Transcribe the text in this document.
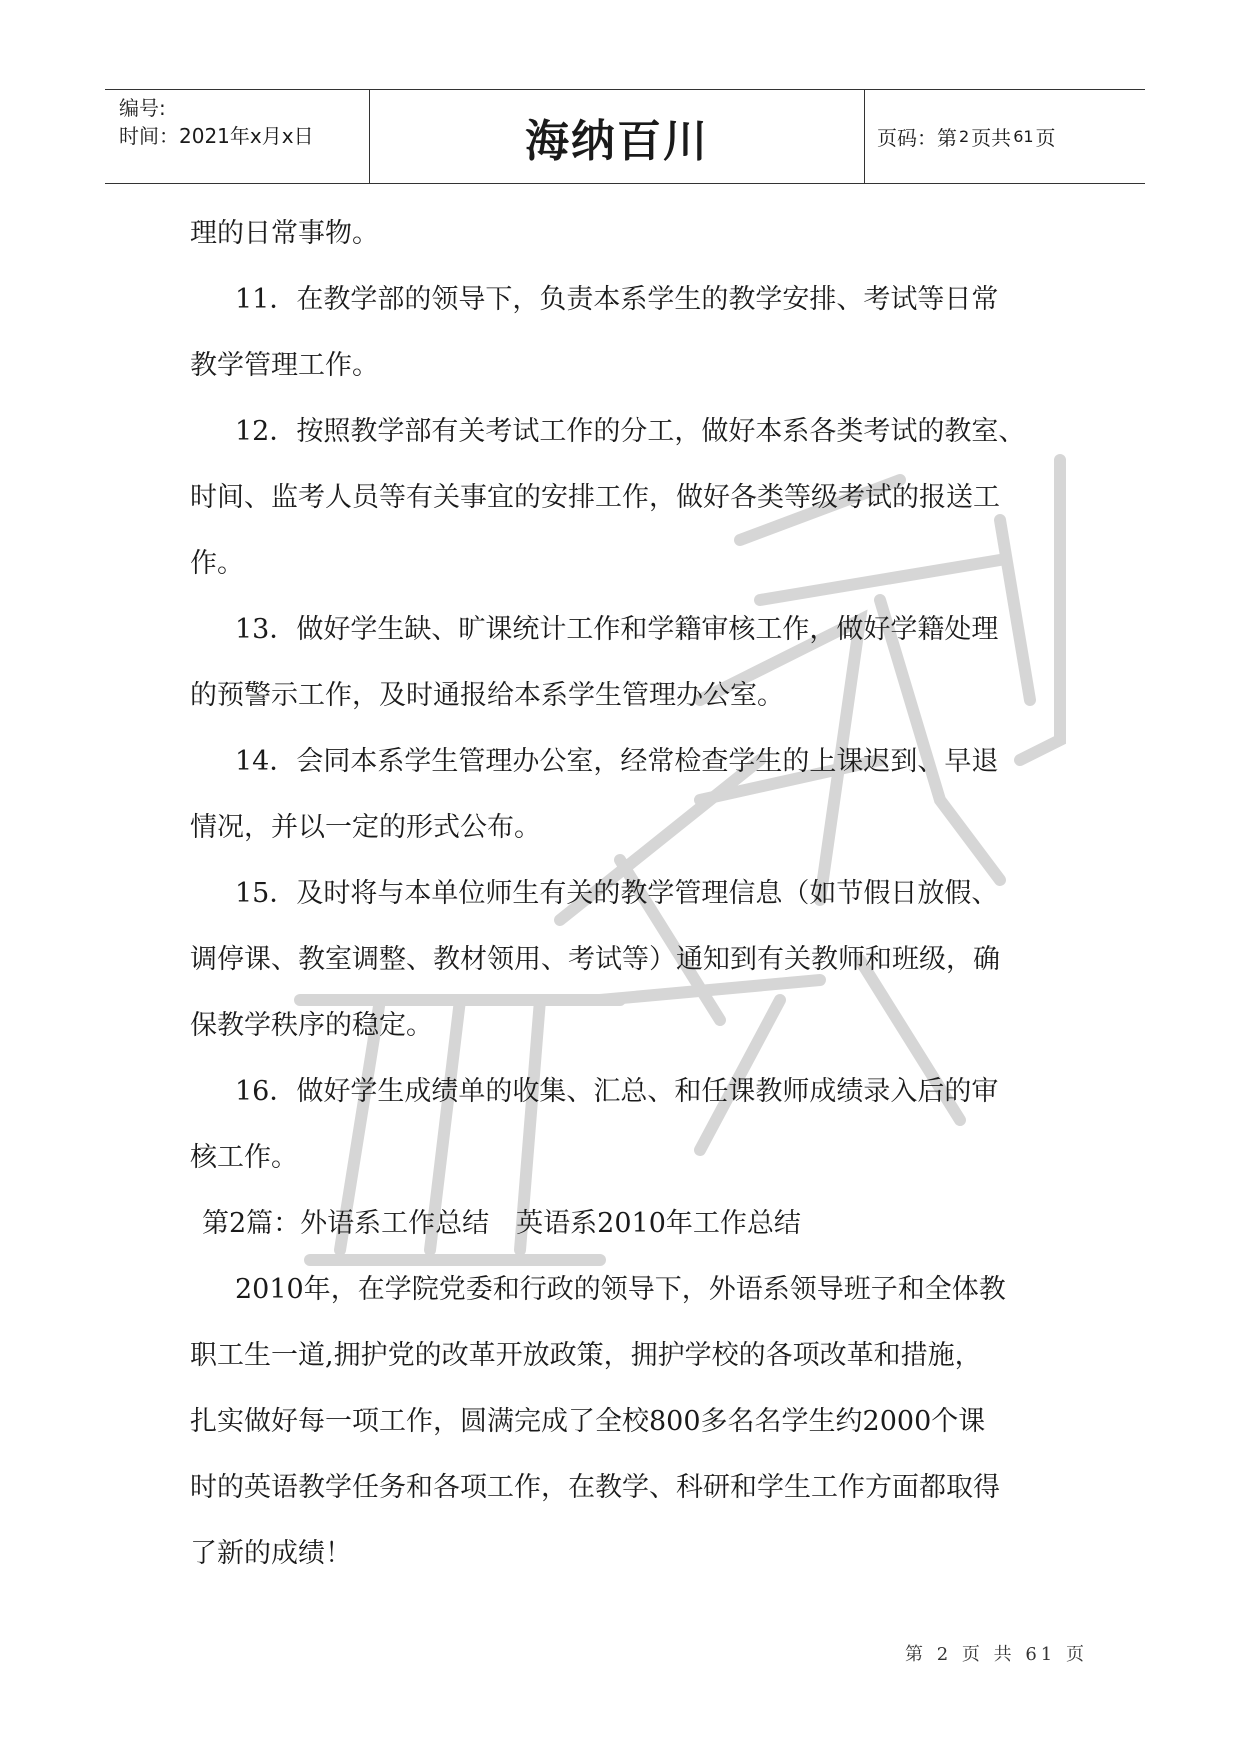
编号:
时间：2021年x月x日	海纳百川	页码：第 2 页共 61 页
理的日常事物。
11．在教学部的领导下，负责本系学生的教学安排、考试等日常
教学管理工作。
12．按照教学部有关考试工作的分工，做好本系各类考试的教室、
时间、监考人员等有关事宜的安排工作，做好各类等级考试的报送工
作。
13．做好学生缺、旷课统计工作和学籍审核工作，做好学籍处理
的预警示工作，及时通报给本系学生管理办公室。
14．会同本系学生管理办公室，经常检查学生的上课迟到、早退
情况，并以一定的形式公布。
15．及时将与本单位师生有关的教学管理信息（如节假日放假、
调停课、教室调整、教材领用、考试等）通知到有关教师和班级，确
保教学秩序的稳定。
16．做好学生成绩单的收集、汇总、和任课教师成绩录入后的审
核工作。
第2篇：外语系工作总结　英语系2010年工作总结
2010年，在学院党委和行政的领导下，外语系领导班子和全体教
职工生一道,拥护党的改革开放政策，拥护学校的各项改革和措施，
扎实做好每一项工作，圆满完成了全校800多名名学生约2000个课
时的英语教学任务和各项工作，在教学、科研和学生工作方面都取得
了新的成绩！
第 2 页 共 61 页
